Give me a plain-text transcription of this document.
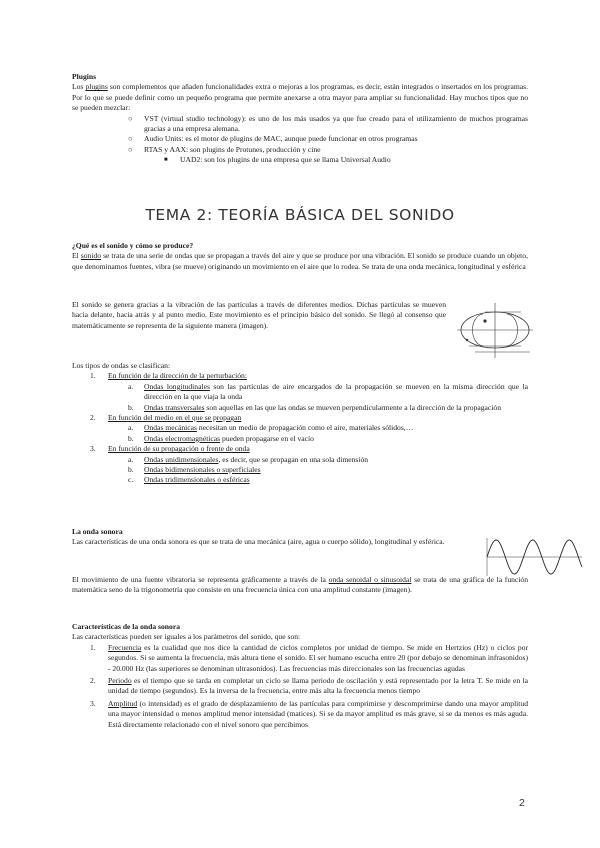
Plugins

Los plugins son complementos que añaden funcionalidades extra o mejoras a los programas, es decir, están integrados o insertados en los programas. Por lo que se puede definir como un pequeño programa que permite anexarse a otra mayor para ampliar su funcionalidad. Hay muchos tipos que no se pueden mezclar:

○ VST (virtual studio technology): es uno de los más usados ya que fue creado para el utilizamiento de muchos programas gracias a una empresa alemana.
○ Audio Units: es el motor de plugins de MAC, aunque puede funcionar en otros programas
○ RTAS y AAX: son plugins de Protunes, producción y cine
■ UAD2: son los plugins de una empresa que se llama Universal Audio
TEMA 2: TEORÍA BÁSICA DEL SONIDO

¿Qué es el sonido y cómo se produce?

El sonido se trata de una serie de ondas que se propagan a través del aire y que se produce por una vibración. El sonido se produce cuando un objeto, que denominamos fuentes, vibra (se mueve) originando un movimiento en el aire que lo rodea. Se trata de una onda mecánica, longitudinal y esférica

El sonido se genera gracias a la vibración de las partículas a través de diferentes medios. Dichas partículas se mueven hacia delante, hacia atrás y al punto medio. Este movimiento es el principio básico del sonido. Se llegó al consenso que matemáticamente se representa de la siguiente manera (imagen).

Los tipos de ondas se clasifican:

1. En función de la dirección de la perturbación:
a. Ondas longitudinales son las partículas de aire encargados de la propagación se mueven en la misma dirección que la dirección en la que viaja la onda
b. Ondas transversales son aquellas en las que las ondas se mueven perpendicularmente a la dirección de la propagación
2. En función del medio en el que se propagan
a. Ondas mecánicas necesitan un medio de propagación como el aire, materiales sólidos,…
b. Ondas electromagnéticas pueden propagarse en el vacío
3. En función de su propagación o frente de onda
a. Ondas unidimensionales, es decir, que se propagan en una sola dimensión
b. Ondas bidimensionales o superficiales
c. Ondas tridimensionales o esféricas

La onda sonora

Las características de una onda sonora es que se trata de una mecánica (aire, agua o cuerpo sólido), longitudinal y esférica.

El movimiento de una fuente vibratoria se representa gráficamente a través de la onda senoidal o sinusoidal se trata de una gráfica de la función matemática seno de la trigonometría que consiste en una frecuencia única con una amplitud constante (imagen).

Características de la onda sonora

Las características pueden ser iguales a los parámetros del sonido, que son:

1. Frecuencia es la cualidad que nos dice la cantidad de ciclos completos por unidad de tiempo. Se mide en Hertzios (Hz) o ciclos por segundos. Si se aumenta la frecuencia, más altura tiene el sonido. El ser humano escucha entre 20 (por debajo se denominan infrasonidos) - 20.000 Hz (las superiores se denominan ultrasonidos). Las frecuencias más direccionales son las frecuencias agudas
2. Periodo es el tiempo que se tarda en completar un ciclo se llama periodo de oscilación y está representado por la letra T. Se mide en la unidad de tiempo (segundos). Es la inversa de la frecuencia, entre más alta la frecuencia menos tiempo
3. Amplitud (o intensidad) es el grado de desplazamiento de las partículas para comprimirse y descomprimirse dando una mayor amplitud una mayor intensidad o menos amplitud menor intensidad (matices). Si se da mayor amplitud es más grave, si se da menos es más aguda. Está directamente relacionado con el nivel sonoro que percibimos
2
